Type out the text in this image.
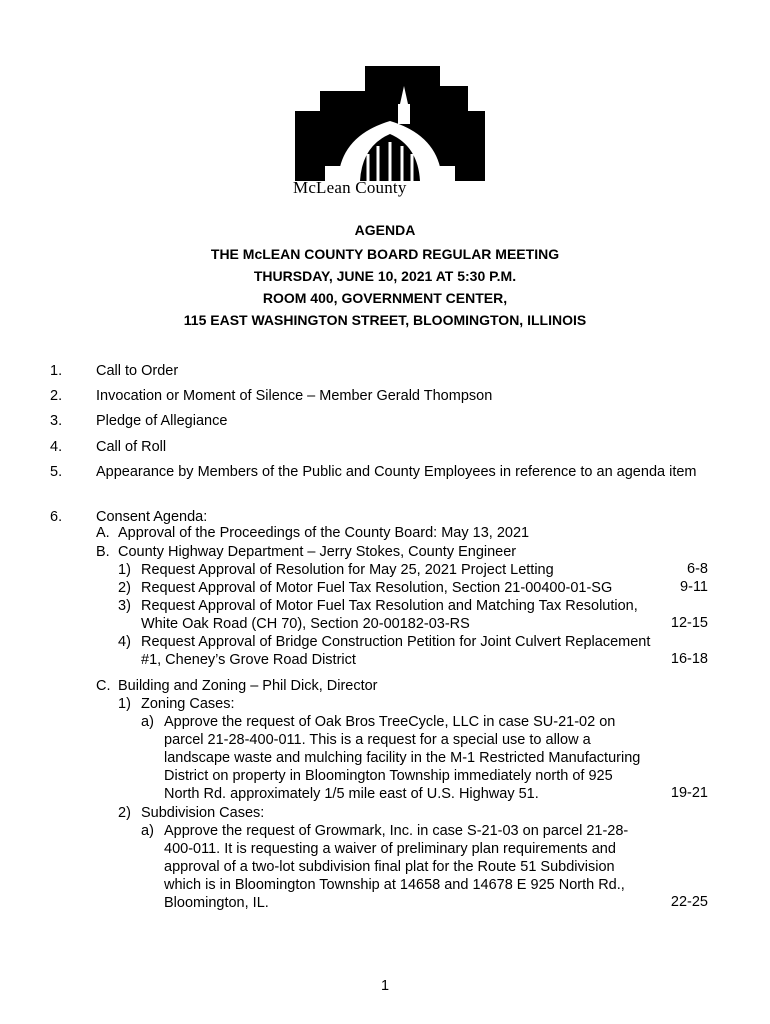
McLean County
AGENDA
THE McLEAN COUNTY BOARD REGULAR MEETING
THURSDAY, JUNE 10, 2021 AT 5:30 P.M.
ROOM 400, GOVERNMENT CENTER,
115 EAST WASHINGTON STREET, BLOOMINGTON, ILLINOIS
1. Call to Order
2. Invocation or Moment of Silence – Member Gerald Thompson
3. Pledge of Allegiance
4. Call of Roll
5. Appearance by Members of the Public and County Employees in reference to an agenda item
6. Consent Agenda:
A. Approval of the Proceedings of the County Board: May 13, 2021
B. County Highway Department – Jerry Stokes, County Engineer
1) Request Approval of Resolution for May 25, 2021 Project Letting	6-8
2) Request Approval of Motor Fuel Tax Resolution, Section 21-00400-01-SG	9-11
3) Request Approval of Motor Fuel Tax Resolution and Matching Tax Resolution,
White Oak Road (CH 70), Section 20-00182-03-RS	12-15
4) Request Approval of Bridge Construction Petition for Joint Culvert Replacement
#1, Cheney’s Grove Road District	16-18
C. Building and Zoning – Phil Dick, Director
1) Zoning Cases:
a) Approve the request of Oak Bros TreeCycle, LLC in case SU-21-02 on
parcel 21-28-400-011. This is a request for a special use to allow a
landscape waste and mulching facility in the M-1 Restricted Manufacturing
District on property in Bloomington Township immediately north of 925
North Rd. approximately 1/5 mile east of U.S. Highway 51.	19-21
2) Subdivision Cases:
a) Approve the request of Growmark, Inc. in case S-21-03 on parcel 21-28-
400-011. It is requesting a waiver of preliminary plan requirements and
approval of a two-lot subdivision final plat for the Route 51 Subdivision
which is in Bloomington Township at 14658 and 14678 E 925 North Rd.,
Bloomington, IL.	22-25
1
